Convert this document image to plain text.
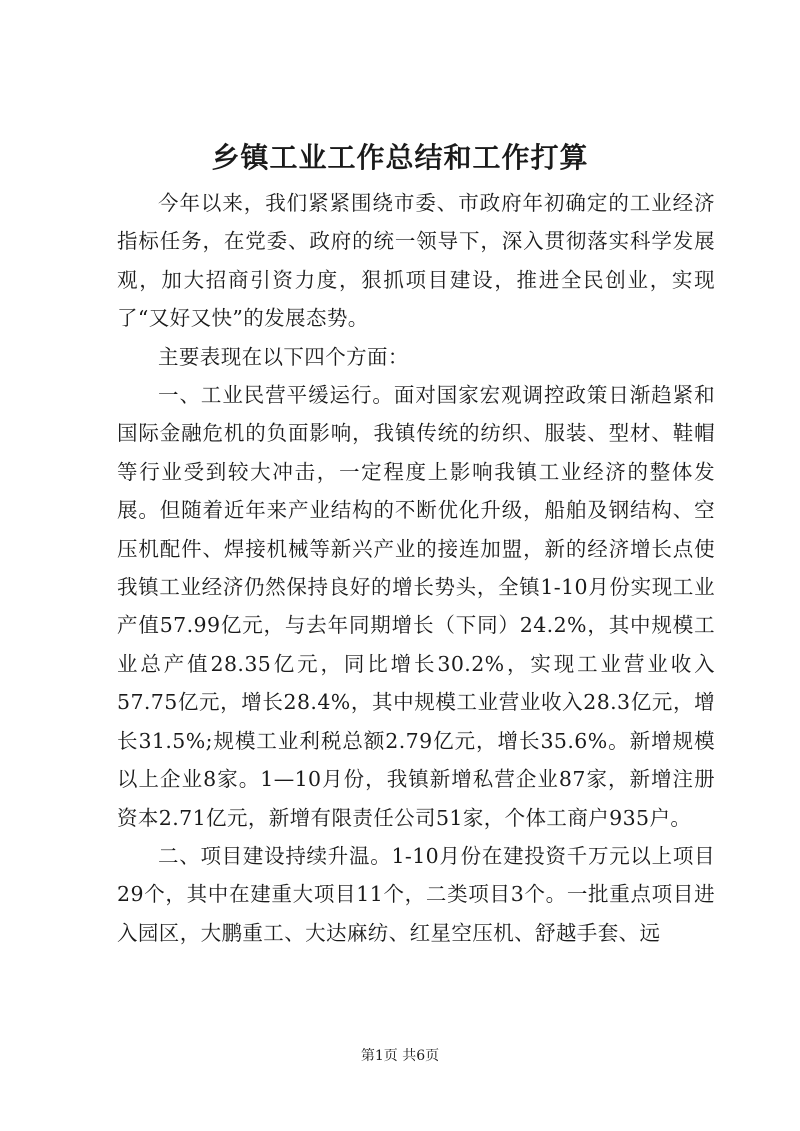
乡镇工业工作总结和工作打算

今年以来，我们紧紧围绕市委、市政府年初确定的工业经济指标任务，在党委、政府的统一领导下，深入贯彻落实科学发展观，加大招商引资力度，狠抓项目建设，推进全民创业，实现了“又好又快”的发展态势。

主要表现在以下四个方面：

一、工业民营平缓运行。面对国家宏观调控政策日渐趋紧和国际金融危机的负面影响，我镇传统的纺织、服装、型材、鞋帽等行业受到较大冲击，一定程度上影响我镇工业经济的整体发展。但随着近年来产业结构的不断优化升级，船舶及钢结构、空压机配件、焊接机械等新兴产业的接连加盟，新的经济增长点使我镇工业经济仍然保持良好的增长势头，全镇1-10月份实现工业产值57.99亿元，与去年同期增长（下同）24.2%，其中规模工业总产值28.35亿元，同比增长30.2%，实现工业营业收入57.75亿元，增长28.4%，其中规模工业营业收入28.3亿元，增长31.5%;规模工业利税总额2.79亿元，增长35.6%。新增规模以上企业8家。1—10月份，我镇新增私营企业87家，新增注册资本2.71亿元，新增有限责任公司51家，个体工商户935户。

二、项目建设持续升温。1-10月份在建投资千万元以上项目29个，其中在建重大项目11个，二类项目3个。一批重点项目进入园区，大鹏重工、大达麻纺、红星空压机、舒越手套、远

第1页 共6页
